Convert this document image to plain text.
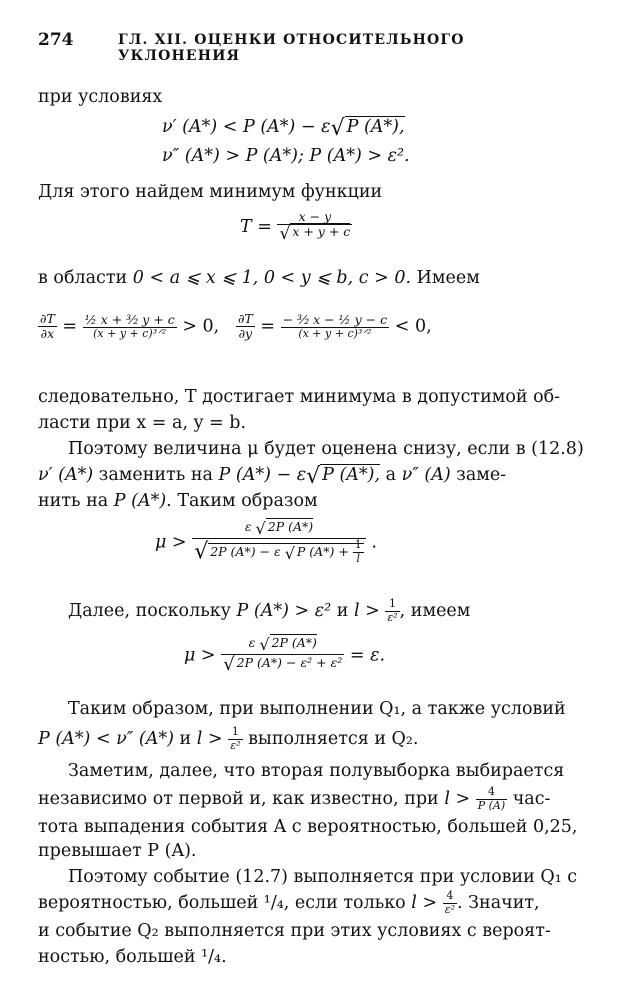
274	ГЛ. XII. ОЦЕНКИ ОТНОСИТЕЛЬНОГО УКЛОНЕНИЯ
при условиях
ν′ (A*) < P (A*) − ε√ P (A*),
ν″ (A*) > P (A*); P (A*) > ε².
Для этого найдем минимум функции
$T = \frac{x - y}{√ x + y + c}$
в области 0 < a ⩽ x ⩽ 1, 0 < y ⩽ b, c > 0. Имеем
$\frac{\partial T}{\partial x}$ = ½ x + ³⁄₂ y + c
(x + y + c)³ᐟ² > 0, $\frac{\partial T}{\partial y}$ = − ³⁄₂ x − ½ y − c
(x + y + c)³ᐟ²	< 0,
следовательно, T достигает минимума в допустимой об-
ласти при x = a, y = b.
Поэтому величина μ будет оценена снизу, если в (12.8)
ν′ (A*) заменить на P (A*) − ε√ P (A*), а ν″ (A) заме-
нить на P (A*). Таким образом
$\mu > \frac{\varepsilon √ 2P (A*)}{√ 2P (A*) - \varepsilon √ P (A*) + \frac{1}{l}}$ .
Далее, поскольку P (A*) > ε² и $l > \frac{1}{\text{ε²}}$ , имеем
$\mu > \frac{\varepsilon √ 2P (A*)}{\text{√ 2P (A*) − ε² + ε²}} = \varepsilon$.
Таким образом, при выполнении Q₁, а также условий
P (A*) < ν″ (A*) и $l > \frac{1}{\text{ε²}}$ выполняется и Q₂.
Заметим, далее, что вторая полувыборка выбирается
независимо от первой и, как известно, при $l > \frac{4}{P (A)} час-$
тота выпадения события A с вероятностью, большей 0,25,
превышает P (A).
Поэтому событие (12.7) выполняется при условии Q₁ с
вероятностью, большей ¹/₄, если только $l > \frac{4}{\text{ε²}}$ . Значит,
и событие Q₂ выполняется при этих условиях с вероят-
ностью, большей ¹/₄.
